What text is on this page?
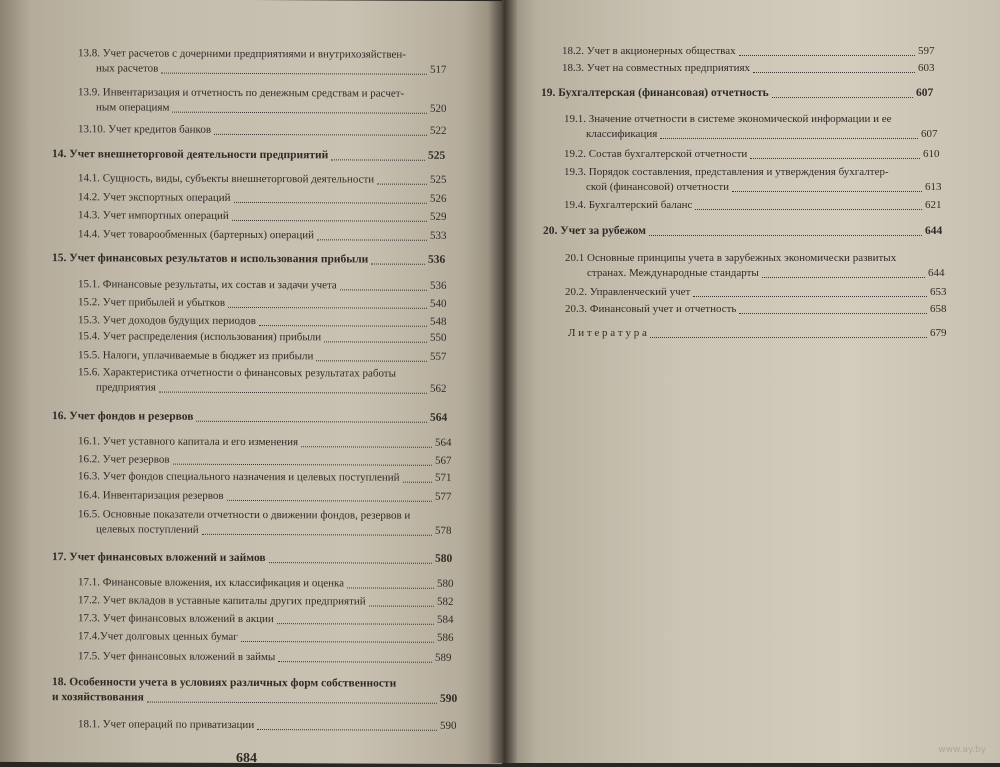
13.8. Учет расчетов с дочерними предприятиями и внутрихозяйствен-
ных расчетов	517
13.9. Инвентаризация и отчетность по денежным средствам и расчет-
ным операциям	520
13.10. Учет кредитов банков	522
14. Учет внешнеторговой деятельности предприятий	525
14.1. Сущность, виды, субъекты внешнеторговой деятельности	525
14.2. Учет экспортных операций	526
14.3. Учет импортных операций	529
14.4. Учет товарообменных (бартерных) операций	533
15. Учет финансовых результатов и использования прибыли	536
15.1. Финансовые результаты, их состав и задачи учета	536
15.2. Учет прибылей и убытков	540
15.3. Учет доходов будущих периодов	548
15.4. Учет распределения (использования) прибыли	550
15.5. Налоги, уплачиваемые в бюджет из прибыли	557
15.6. Характеристика отчетности о финансовых результатах работы
предприятия	562
16. Учет фондов и резервов	564
16.1. Учет уставного капитала и его изменения	564
16.2. Учет резервов	567
16.3. Учет фондов специального назначения и целевых поступлений	571
16.4. Инвентаризация резервов	577
16.5. Основные показатели отчетности о движении фондов, резервов и
целевых поступлений	578
17. Учет финансовых вложений и займов	580
17.1. Финансовые вложения, их классификация и оценка	580
17.2. Учет вкладов в уставные капиталы других предприятий	582
17.3. Учет финансовых вложений в акции	584
17.4.Учет долговых ценных бумаг	586
17.5. Учет финансовых вложений в займы	589
18. Особенности учета в условиях различных форм собственности
и хозяйствования	590
18.1. Учет операций по приватизации	590
18.2. Учет в акционерных обществах	597
18.3. Учет на совместных предприятиях	603
19. Бухгалтерская (финансовая) отчетность	607
19.1. Значение отчетности в системе экономической информации и ее
классификация	607
19.2. Состав бухгалтерской отчетности	610
19.3. Порядок составления, представления и утверждения бухгалтер-
ской (финансовой) отчетности	613
19.4. Бухгалтерский баланс	621
20. Учет за рубежом	644
20.1 Основные принципы учета в зарубежных экономически развитых
странах. Международные стандарты	644
20.2. Управленческий учет	653
20.3. Финансовый учет и отчетность	658
Л и т е р а т у р а	679
684
www.ay.by
